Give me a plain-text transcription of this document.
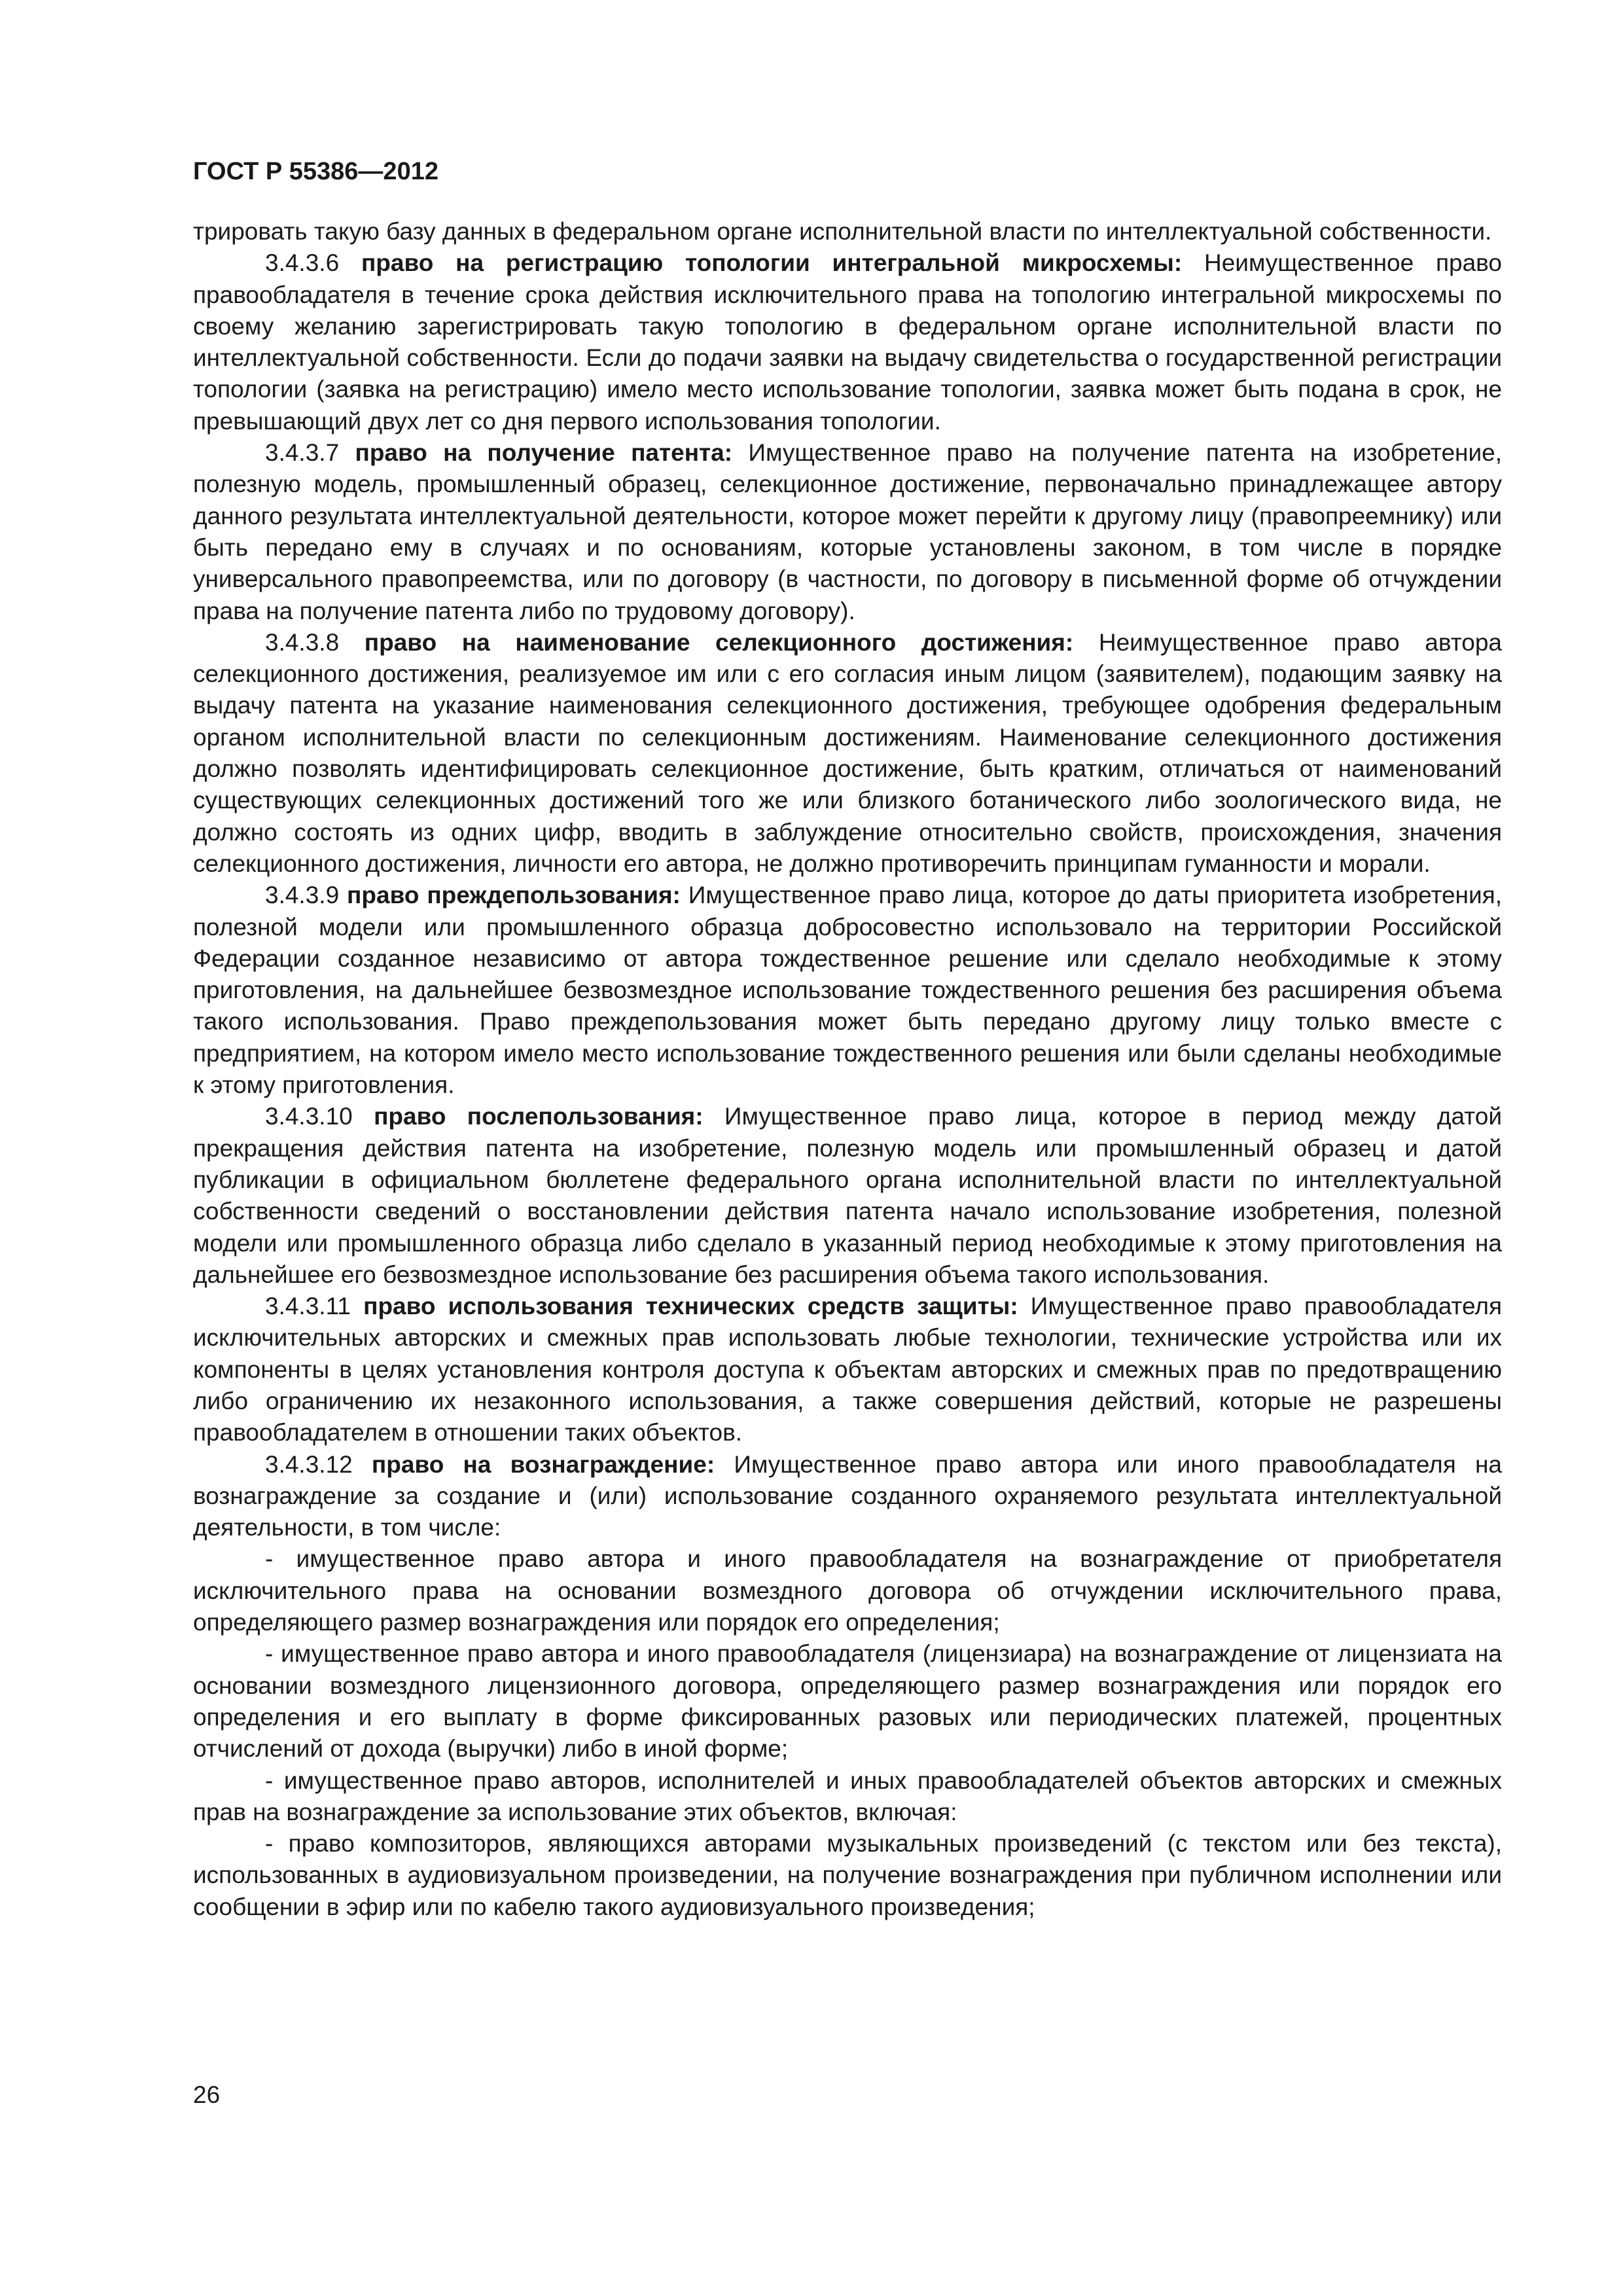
ГОСТ Р 55386—2012

трировать такую базу данных в федеральном органе исполнительной власти по интеллектуальной собственности.

3.4.3.6 право на регистрацию топологии интегральной микросхемы: Неимущественное право правообладателя в течение срока действия исключительного права на топологию интегральной микросхемы по своему желанию зарегистрировать такую топологию в федеральном органе исполнительной власти по интеллектуальной собственности. Если до подачи заявки на выдачу свидетельства о государственной регистрации топологии (заявка на регистрацию) имело место использование топологии, заявка может быть подана в срок, не превышающий двух лет со дня первого использования топологии.

3.4.3.7 право на получение патента: Имущественное право на получение патента на изобретение, полезную модель, промышленный образец, селекционное достижение, первоначально принадлежащее автору данного результата интеллектуальной деятельности, которое может перейти к другому лицу (правопреемнику) или быть передано ему в случаях и по основаниям, которые установлены законом, в том числе в порядке универсального правопреемства, или по договору (в частности, по договору в письменной форме об отчуждении права на получение патента либо по трудовому договору).

3.4.3.8 право на наименование селекционного достижения: Неимущественное право автора селекционного достижения, реализуемое им или с его согласия иным лицом (заявителем), подающим заявку на выдачу патента на указание наименования селекционного достижения, требующее одобрения федеральным органом исполнительной власти по селекционным достижениям. Наименование селекционного достижения должно позволять идентифицировать селекционное достижение, быть кратким, отличаться от наименований существующих селекционных достижений того же или близкого ботанического либо зоологического вида, не должно состоять из одних цифр, вводить в заблуждение относительно свойств, происхождения, значения селекционного достижения, личности его автора, не должно противоречить принципам гуманности и морали.

3.4.3.9 право преждепользования: Имущественное право лица, которое до даты приоритета изобретения, полезной модели или промышленного образца добросовестно использовало на территории Российской Федерации созданное независимо от автора тождественное решение или сделало необходимые к этому приготовления, на дальнейшее безвозмездное использование тождественного решения без расширения объема такого использования. Право преждепользования может быть передано другому лицу только вместе с предприятием, на котором имело место использование тождественного решения или были сделаны необходимые к этому приготовления.

3.4.3.10 право послепользования: Имущественное право лица, которое в период между датой прекращения действия патента на изобретение, полезную модель или промышленный образец и датой публикации в официальном бюллетене федерального органа исполнительной власти по интеллектуальной собственности сведений о восстановлении действия патента начало использование изобретения, полезной модели или промышленного образца либо сделало в указанный период необходимые к этому приготовления на дальнейшее его безвозмездное использование без расширения объема такого использования.

3.4.3.11 право использования технических средств защиты: Имущественное право правообладателя исключительных авторских и смежных прав использовать любые технологии, технические устройства или их компоненты в целях установления контроля доступа к объектам авторских и смежных прав по предотвращению либо ограничению их незаконного использования, а также совершения действий, которые не разрешены правообладателем в отношении таких объектов.

3.4.3.12 право на вознаграждение: Имущественное право автора или иного правообладателя на вознаграждение за создание и (или) использование созданного охраняемого результата интеллектуальной деятельности, в том числе:

- имущественное право автора и иного правообладателя на вознаграждение от приобретателя исключительного права на основании возмездного договора об отчуждении исключительного права, определяющего размер вознаграждения или порядок его определения;

- имущественное право автора и иного правообладателя (лицензиара) на вознаграждение от лицензиата на основании возмездного лицензионного договора, определяющего размер вознаграждения или порядок его определения и его выплату в форме фиксированных разовых или периодических платежей, процентных отчислений от дохода (выручки) либо в иной форме;

- имущественное право авторов, исполнителей и иных правообладателей объектов авторских и смежных прав на вознаграждение за использование этих объектов, включая:

- право композиторов, являющихся авторами музыкальных произведений (с текстом или без текста), использованных в аудиовизуальном произведении, на получение вознаграждения при публичном исполнении или сообщении в эфир или по кабелю такого аудиовизуального произведения;

26
